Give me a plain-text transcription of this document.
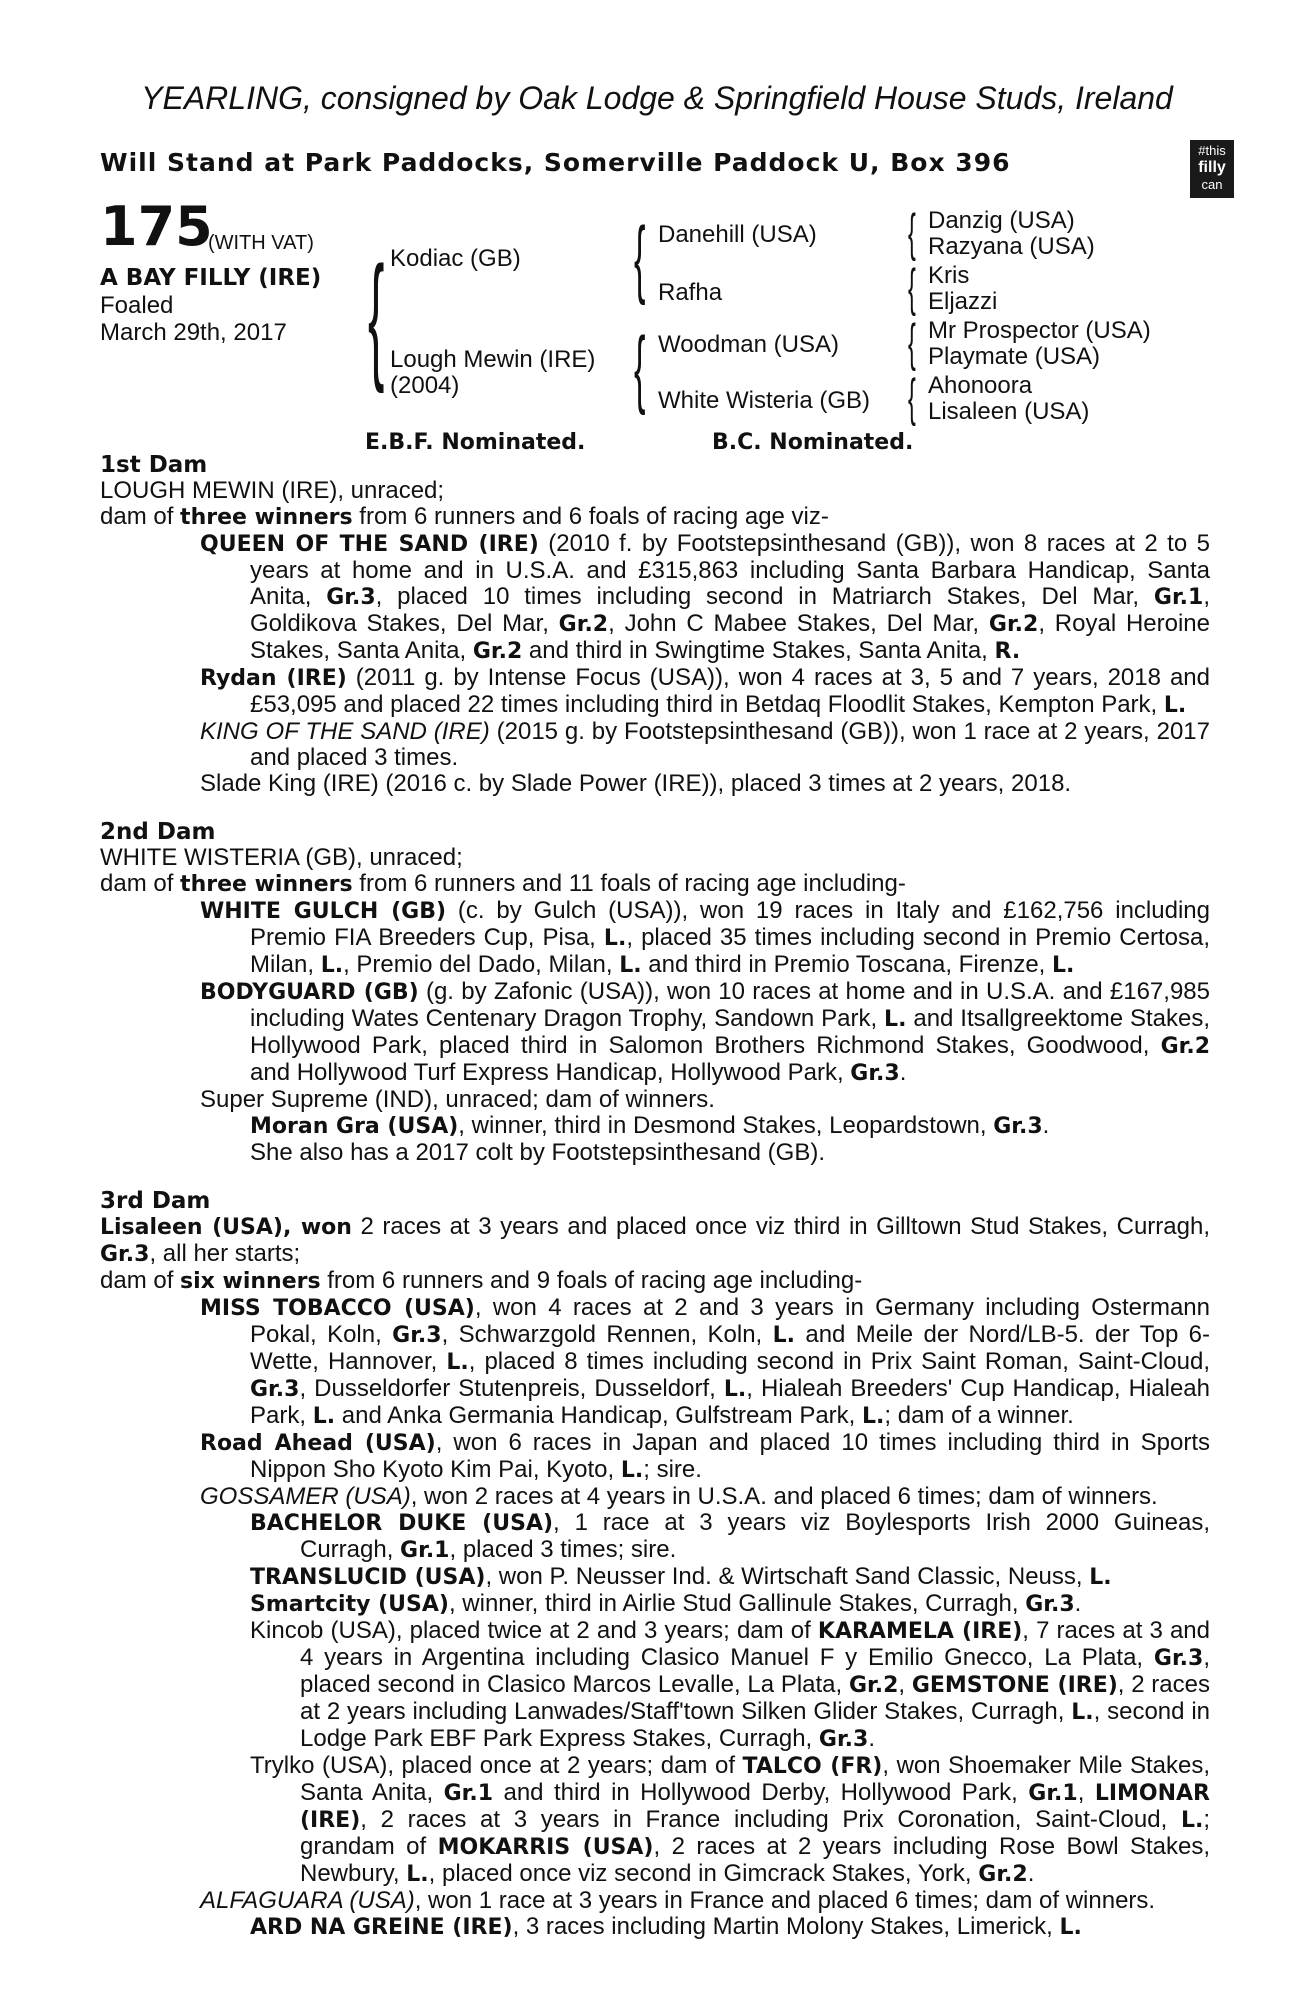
YEARLING, consigned by Oak Lodge & Springfield House Studs, Ireland
Will Stand at Park Paddocks, Somerville Paddock U, Box 396	#this
filly
can
175
(WITH VAT)
A BAY FILLY (IRE)
Foaled
March 29th, 2017 { Kodiac (GB)
Lough Mewin (IRE)
(2004)
{ Danehill (USA)
Rafha
{ Woodman (USA)
White Wisteria (GB)
{ Danzig (USA)
Razyana (USA)
{ Kris
Eljazzi
{ Mr Prospector (USA)
Playmate (USA)
{ Ahonoora
Lisaleen (USA)
E.B.F. Nominated.	B.C. Nominated.
1st Dam
LOUGH MEWIN (IRE), unraced;
dam of three winners from 6 runners and 6 foals of racing age viz-
QUEEN OF THE SAND (IRE) (2010 f. by Footstepsinthesand (GB)), won 8 races at 2 to 5 years at home and in U.S.A. and £315,863 including Santa Barbara Handicap, Santa Anita, Gr.3, placed 10 times including second in Matriarch Stakes, Del Mar, Gr.1, Goldikova Stakes, Del Mar, Gr.2, John C Mabee Stakes, Del Mar, Gr.2, Royal Heroine Stakes, Santa Anita, Gr.2 and third in Swingtime Stakes, Santa Anita, R.
Rydan (IRE) (2011 g. by Intense Focus (USA)), won 4 races at 3, 5 and 7 years, 2018 and £53,095 and placed 22 times including third in Betdaq Floodlit Stakes, Kempton Park, L.
KING OF THE SAND (IRE) (2015 g. by Footstepsinthesand (GB)), won 1 race at 2 years, 2017 and placed 3 times.
Slade King (IRE) (2016 c. by Slade Power (IRE)), placed 3 times at 2 years, 2018.
2nd Dam
WHITE WISTERIA (GB), unraced;
dam of three winners from 6 runners and 11 foals of racing age including-
WHITE GULCH (GB) (c. by Gulch (USA)), won 19 races in Italy and £162,756 including Premio FIA Breeders Cup, Pisa, L., placed 35 times including second in Premio Certosa, Milan, L., Premio del Dado, Milan, L. and third in Premio Toscana, Firenze, L.
BODYGUARD (GB) (g. by Zafonic (USA)), won 10 races at home and in U.S.A. and £167,985 including Wates Centenary Dragon Trophy, Sandown Park, L. and Itsallgreektome Stakes, Hollywood Park, placed third in Salomon Brothers Richmond Stakes, Goodwood, Gr.2 and Hollywood Turf Express Handicap, Hollywood Park, Gr.3.
Super Supreme (IND), unraced; dam of winners.
Moran Gra (USA), winner, third in Desmond Stakes, Leopardstown, Gr.3.
She also has a 2017 colt by Footstepsinthesand (GB).
3rd Dam
Lisaleen (USA), won 2 races at 3 years and placed once viz third in Gilltown Stud Stakes, Curragh, Gr.3, all her starts;
dam of six winners from 6 runners and 9 foals of racing age including-
MISS TOBACCO (USA), won 4 races at 2 and 3 years in Germany including Ostermann Pokal, Koln, Gr.3, Schwarzgold Rennen, Koln, L. and Meile der Nord/LB-5. der Top 6-Wette, Hannover, L., placed 8 times including second in Prix Saint Roman, Saint-Cloud, Gr.3, Dusseldorfer Stutenpreis, Dusseldorf, L., Hialeah Breeders' Cup Handicap, Hialeah Park, L. and Anka Germania Handicap, Gulfstream Park, L.; dam of a winner.
Road Ahead (USA), won 6 races in Japan and placed 10 times including third in Sports Nippon Sho Kyoto Kim Pai, Kyoto, L.; sire.
GOSSAMER (USA), won 2 races at 4 years in U.S.A. and placed 6 times; dam of winners.
BACHELOR DUKE (USA), 1 race at 3 years viz Boylesports Irish 2000 Guineas, Curragh, Gr.1, placed 3 times; sire.
TRANSLUCID (USA), won P. Neusser Ind. & Wirtschaft Sand Classic, Neuss, L.
Smartcity (USA), winner, third in Airlie Stud Gallinule Stakes, Curragh, Gr.3.
Kincob (USA), placed twice at 2 and 3 years; dam of KARAMELA (IRE), 7 races at 3 and 4 years in Argentina including Clasico Manuel F y Emilio Gnecco, La Plata, Gr.3, placed second in Clasico Marcos Levalle, La Plata, Gr.2, GEMSTONE (IRE), 2 races at 2 years including Lanwades/Staff'town Silken Glider Stakes, Curragh, L., second in Lodge Park EBF Park Express Stakes, Curragh, Gr.3.
Trylko (USA), placed once at 2 years; dam of TALCO (FR), won Shoemaker Mile Stakes, Santa Anita, Gr.1 and third in Hollywood Derby, Hollywood Park, Gr.1, LIMONAR (IRE), 2 races at 3 years in France including Prix Coronation, Saint-Cloud, L.; grandam of MOKARRIS (USA), 2 races at 2 years including Rose Bowl Stakes, Newbury, L., placed once viz second in Gimcrack Stakes, York, Gr.2.
ALFAGUARA (USA), won 1 race at 3 years in France and placed 6 times; dam of winners.
ARD NA GREINE (IRE), 3 races including Martin Molony Stakes, Limerick, L.
